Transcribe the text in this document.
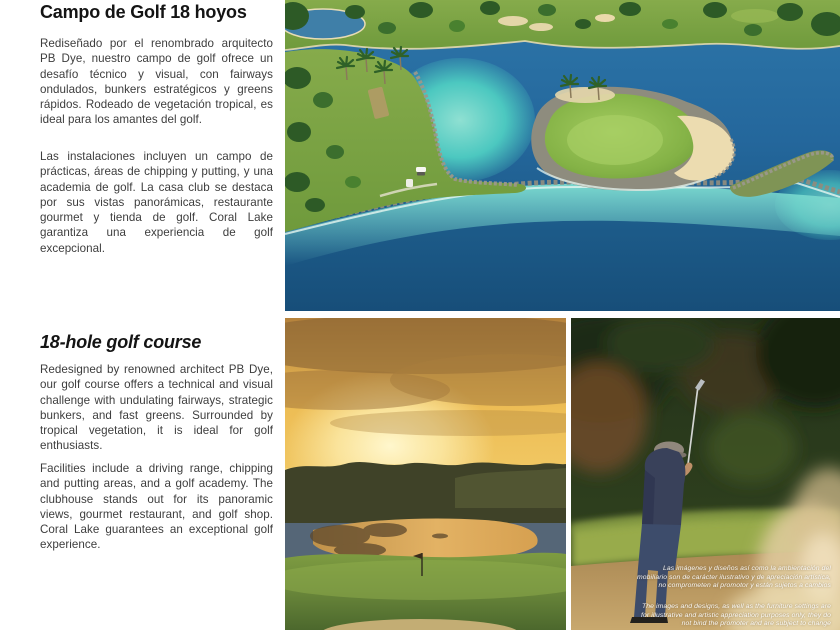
Campo de Golf 18 hoyos

Rediseñado por el renombrado arquitecto PB Dye, nuestro campo de golf ofrece un desafío técnico y visual, con fairways ondulados, bunkers estratégicos y greens rápidos. Rodeado de vegetación tropical, es ideal para los amantes del golf.

Las instalaciones incluyen un campo de prácticas, áreas de chipping y putting, y una academia de golf. La casa club se destaca por sus vistas panorámicas, restaurante gourmet y tienda de golf. Coral Lake garantiza una experiencia de golf excepcional.

18-hole golf course

Redesigned by renowned architect PB Dye, our golf course offers a technical and visual challenge with undulating fairways, strategic bunkers, and fast greens. Surrounded by tropical vegetation, it is ideal for golf enthusiasts.

Facilities include a driving range, chipping and putting areas, and a golf academy. The clubhouse stands out for its panoramic views, gourmet restaurant, and golf shop. Coral Lake guarantees an exceptional golf experience.

Las imágenes y diseños así como la ambientación del mobiliario son de carácter ilustrativo y de apreciación artística, no comprometen al promotor y están sujetos a cambios
The images and designs, as well as the furniture settings are for illustrative and artistic appreciation purposes only, they do not bind the promoter and are subject to change
